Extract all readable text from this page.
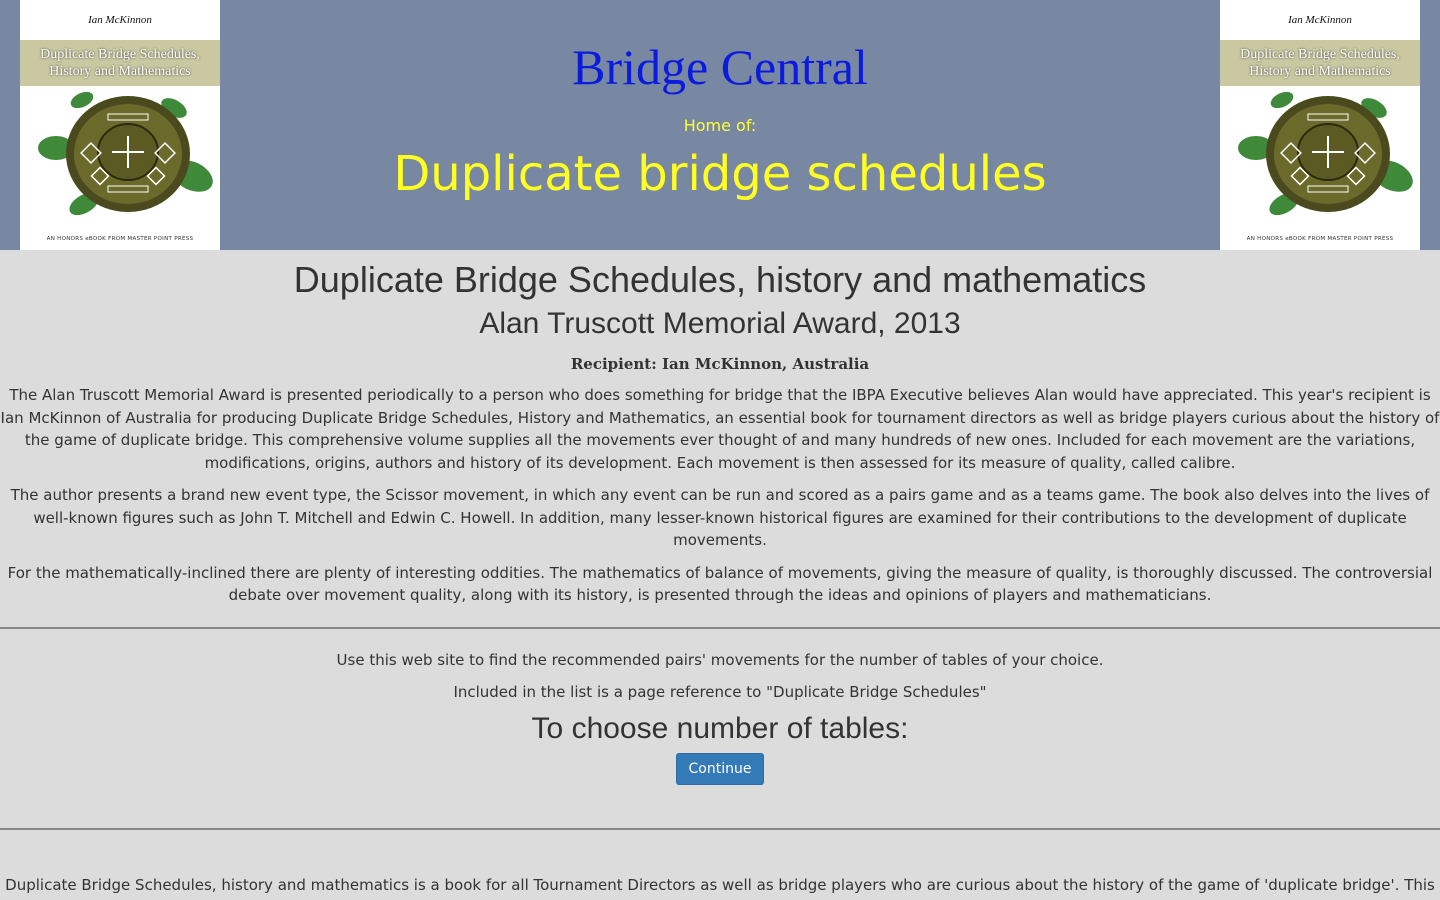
Ian McKinnon
Duplicate Bridge Schedules,
History and Mathematics
AN HONORS eBOOK FROM MASTER POINT PRESS
Bridge Central
Home of:
Duplicate bridge schedules
Ian McKinnon
Duplicate Bridge Schedules,
History and Mathematics
AN HONORS eBOOK FROM MASTER POINT PRESS
Duplicate Bridge Schedules, history and mathematics
Alan Truscott Memorial Award, 2013
Recipient: Ian McKinnon, Australia

The Alan Truscott Memorial Award is presented periodically to a person who does something for bridge that the IBPA Executive believes Alan would have appreciated. This year's recipient is Ian McKinnon of Australia for producing Duplicate Bridge Schedules, History and Mathematics, an essential book for tournament directors as well as bridge players curious about the history of the game of duplicate bridge. This comprehensive volume supplies all the movements ever thought of and many hundreds of new ones. Included for each movement are the variations, modifications, origins, authors and history of its development. Each movement is then assessed for its measure of quality, called calibre.

The author presents a brand new event type, the Scissor movement, in which any event can be run and scored as a pairs game and as a teams game. The book also delves into the lives of well-known figures such as John T. Mitchell and Edwin C. Howell. In addition, many lesser-known historical figures are examined for their contributions to the development of duplicate movements.

For the mathematically-inclined there are plenty of interesting oddities. The mathematics of balance of movements, giving the measure of quality, is thoroughly discussed. The controversial debate over movement quality, along with its history, is presented through the ideas and opinions of players and mathematicians.

Use this web site to find the recommended pairs' movements for the number of tables of your choice.

Included in the list is a page reference to "Duplicate Bridge Schedules"

To choose number of tables:
Continue

Duplicate Bridge Schedules, history and mathematics is a book for all Tournament Directors as well as bridge players who are curious about the history of the game of 'duplicate bridge'. This
